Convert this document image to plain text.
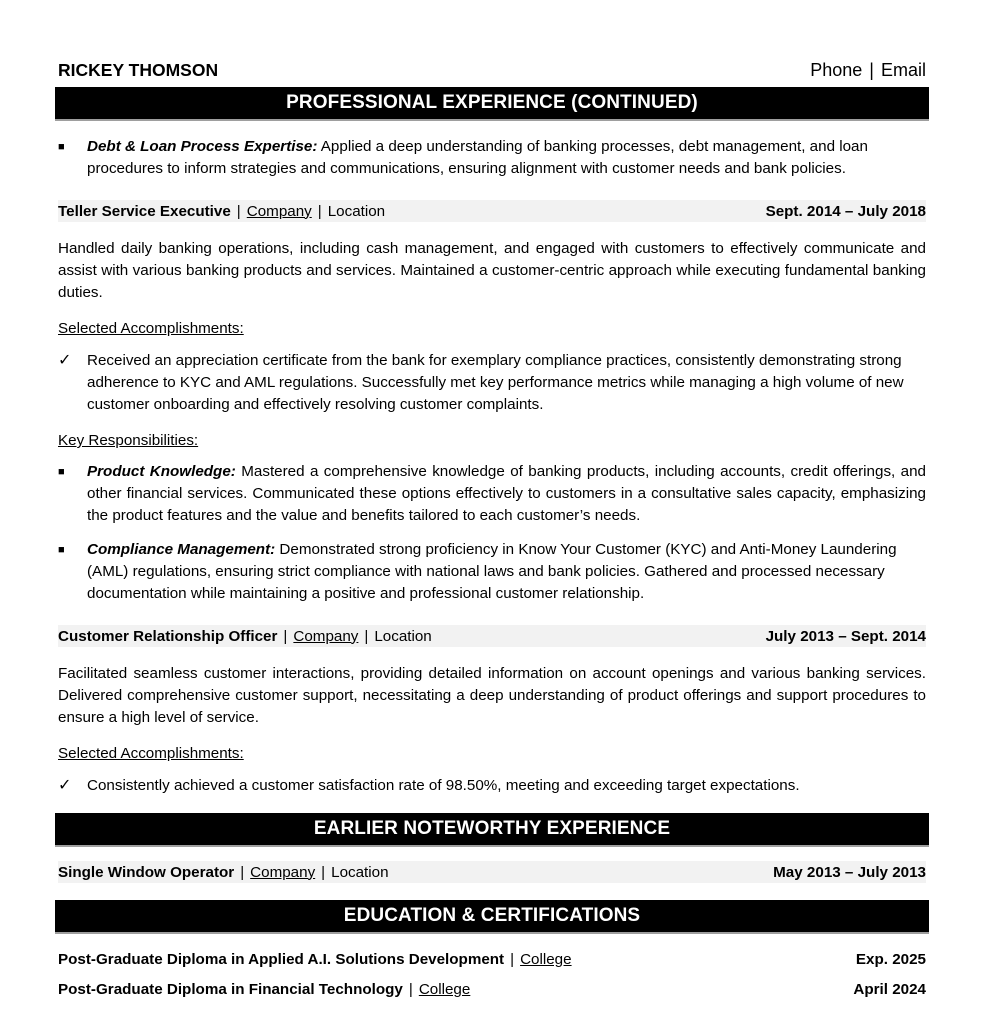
RICKEY THOMSON	Phone | Email
PROFESSIONAL EXPERIENCE (CONTINUED)
■	Debt & Loan Process Expertise: Applied a deep understanding of banking processes, debt management, and loan procedures to inform strategies and communications, ensuring alignment with customer needs and bank policies.
Teller Service Executive | Company | Location	Sept. 2014 – July 2018
Handled daily banking operations, including cash management, and engaged with customers to effectively communicate and assist with various banking products and services. Maintained a customer-centric approach while executing fundamental banking duties.
Selected Accomplishments:
✓	Received an appreciation certificate from the bank for exemplary compliance practices, consistently demonstrating strong adherence to KYC and AML regulations. Successfully met key performance metrics while managing a high volume of new customer onboarding and effectively resolving customer complaints.
Key Responsibilities:
■	Product Knowledge: Mastered a comprehensive knowledge of banking products, including accounts, credit offerings, and other financial services. Communicated these options effectively to customers in a consultative sales capacity, emphasizing the product features and the value and benefits tailored to each customer’s needs.
■	Compliance Management: Demonstrated strong proficiency in Know Your Customer (KYC) and Anti-Money Laundering (AML) regulations, ensuring strict compliance with national laws and bank policies. Gathered and processed necessary documentation while maintaining a positive and professional customer relationship.
Customer Relationship Officer | Company | Location	July 2013 – Sept. 2014
Facilitated seamless customer interactions, providing detailed information on account openings and various banking services. Delivered comprehensive customer support, necessitating a deep understanding of product offerings and support procedures to ensure a high level of service.
Selected Accomplishments:
✓	Consistently achieved a customer satisfaction rate of 98.50%, meeting and exceeding target expectations.
EARLIER NOTEWORTHY EXPERIENCE
Single Window Operator | Company | Location	May 2013 – July 2013
EDUCATION & CERTIFICATIONS
Post-Graduate Diploma in Applied A.I. Solutions Development | College	Exp. 2025
Post-Graduate Diploma in Financial Technology | College	April 2024
